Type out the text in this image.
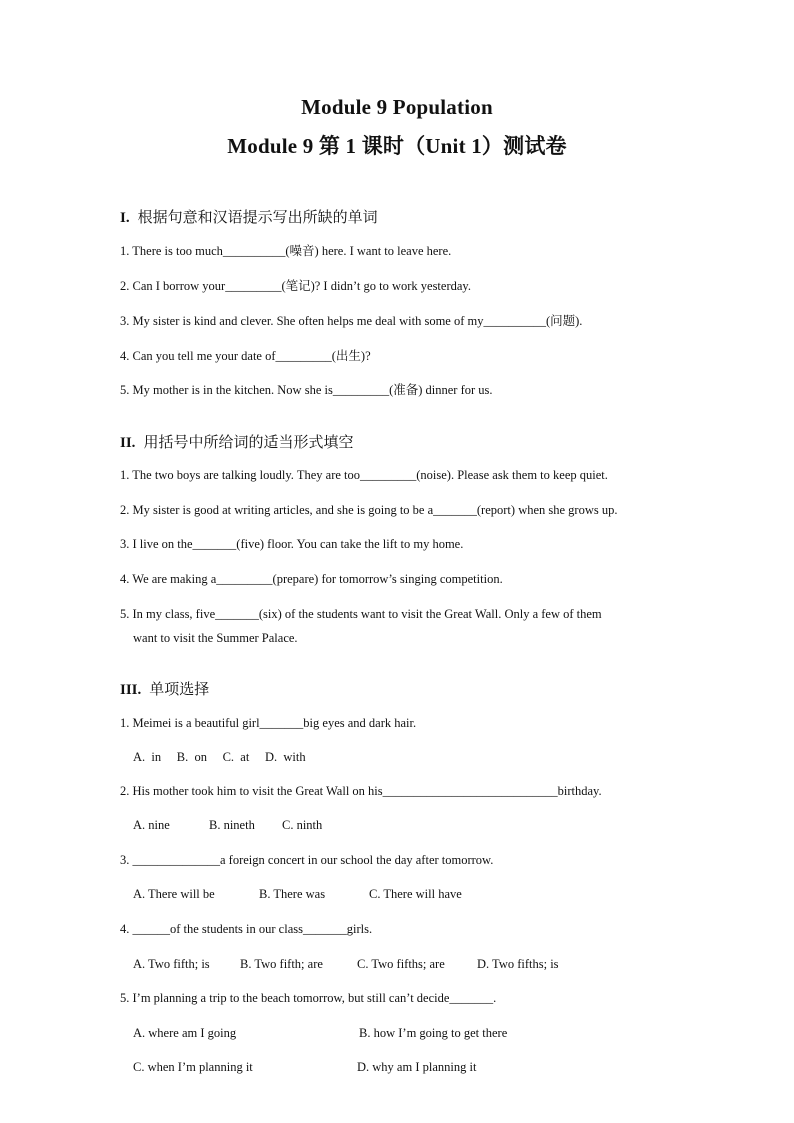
Module 9 Population
Module 9 第 1 课时（Unit 1）测试卷
I. 根据句意和汉语提示写出所缺的单词
1. There is too much__________(噪音) here. I want to leave here.
2. Can I borrow your_________(笔记)? I didn’t go to work yesterday.
3. My sister is kind and clever. She often helps me deal with some of my__________(问题).
4. Can you tell me your date of_________(出生)?
5. My mother is in the kitchen. Now she is_________(准备) dinner for us.
II. 用括号中所给词的适当形式填空
1. The two boys are talking loudly. They are too_________(noise). Please ask them to keep quiet.
2. My sister is good at writing articles, and she is going to be a_______(report) when she grows up.
3. I live on the_______(five) floor. You can take the lift to my home.
4. We are making a_________(prepare) for tomorrow’s singing competition.
5. In my class, five_______(six) of the students want to visit the Great Wall. Only a few of them
want to visit the Summer Palace.
III. 单项选择
1. Meimei is a beautiful girl_______big eyes and dark hair.
A.  in     B.  on     C.  at     D.  with
2. His mother took him to visit the Great Wall on his____________________________birthday.
A. nine	B. nineth C. ninth
3. ______________a foreign concert in our school the day after tomorrow.
A. There will be	B. There was	C. There will have
4. ______of the students in our class_______girls.
A. Two fifth; is B. Two fifth; are	C. Two fifths; are	D. Two fifths; is
5. I’m planning a trip to the beach tomorrow, but still can’t decide_______.
A. where am I going	B. how I’m going to get there
C. when I’m planning it	D. why am I planning it
